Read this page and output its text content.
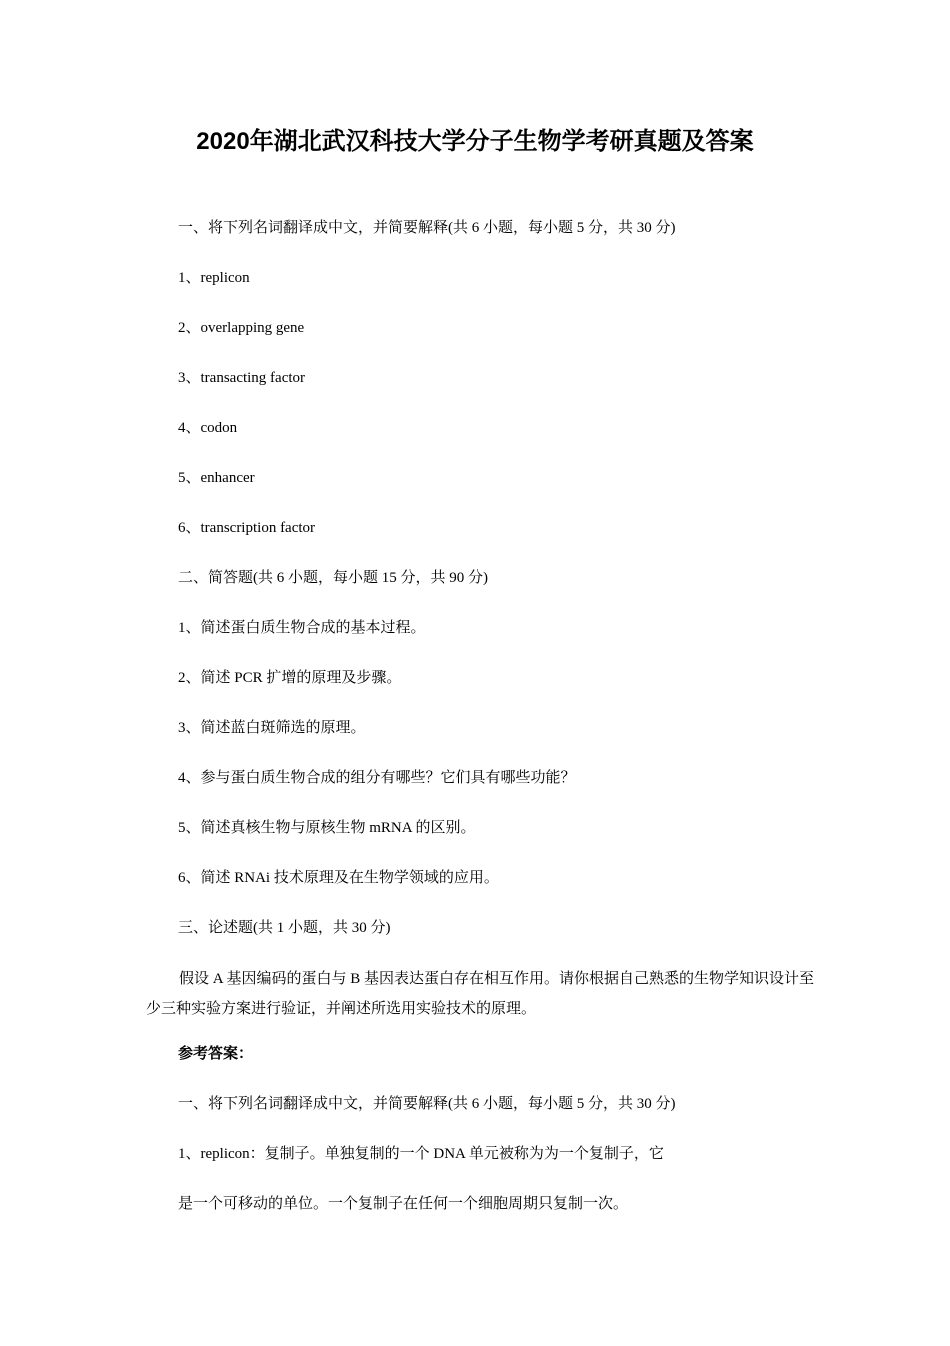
2020年湖北武汉科技大学分子生物学考研真题及答案
一、将下列名词翻译成中文，并简要解释(共 6 小题，每小题 5 分，共 30 分)
1、replicon
2、overlapping gene
3、transacting factor
4、codon
5、enhancer
6、transcription factor
二、简答题(共 6 小题，每小题 15 分，共 90 分)
1、简述蛋白质生物合成的基本过程。
2、简述 PCR 扩增的原理及步骤。
3、简述蓝白斑筛选的原理。
4、参与蛋白质生物合成的组分有哪些？它们具有哪些功能？
5、简述真核生物与原核生物 mRNA 的区别。
6、简述 RNAi 技术原理及在生物学领域的应用。
三、论述题(共 1 小题，共 30 分)
假设 A 基因编码的蛋白与 B 基因表达蛋白存在相互作用。请你根据自己熟悉的生物学知识设计至少三种实验方案进行验证，并阐述所选用实验技术的原理。
参考答案：
一、将下列名词翻译成中文，并简要解释(共 6 小题，每小题 5 分，共 30 分)
1、replicon：复制子。单独复制的一个 DNA 单元被称为为一个复制子，它
是一个可移动的单位。一个复制子在任何一个细胞周期只复制一次。
